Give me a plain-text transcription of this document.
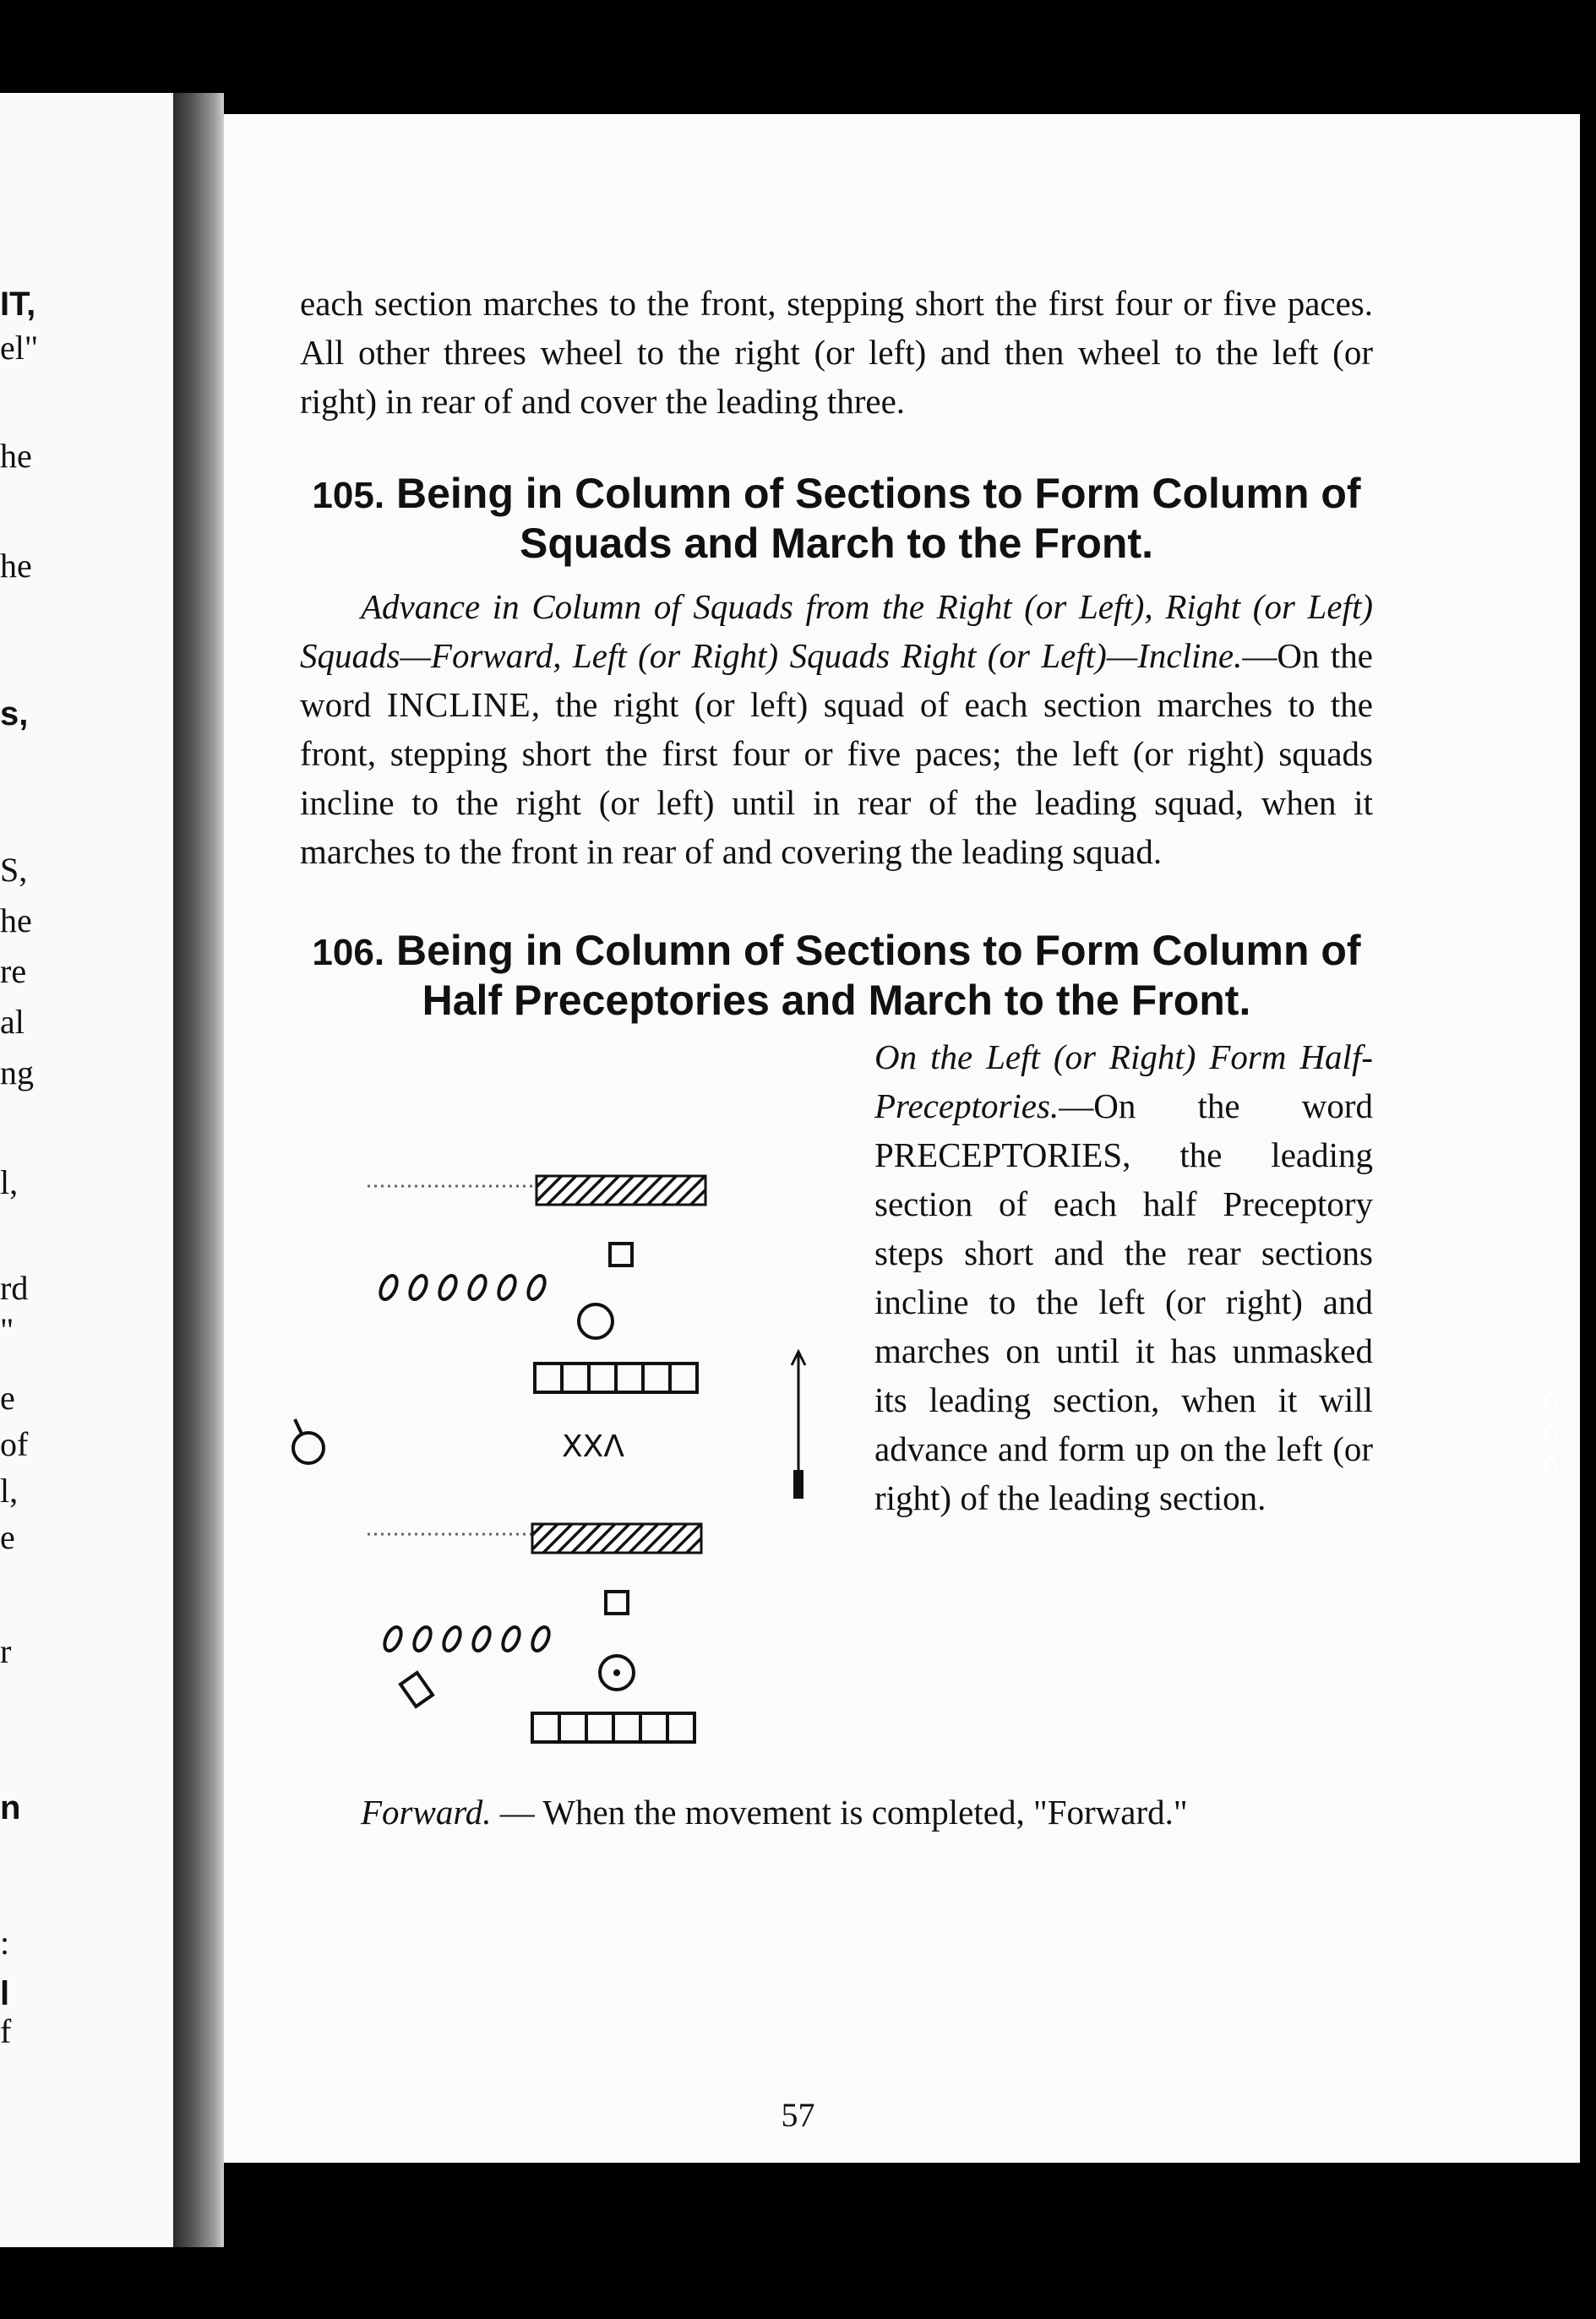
IT,
el"
he
he
s,
S,
he
re
al
ng
l,
rd
"
e
of
l,
e
r
n
:
l
f

each section marches to the front, stepping short the first four or five paces. All other threes wheel to the right (or left) and then wheel to the left (or right) in rear of and cover the leading three.

105. Being in Column of Sections to Form Column of Squads and March to the Front.

Advance in Column of Squads from the Right (or Left), Right (or Left) Squads—Forward, Left (or Right) Squads Right (or Left)—Incline.—On the word INCLINE, the right (or left) squad of each section marches to the front, stepping short the first four or five paces; the left (or right) squads incline to the right (or left) until in rear of the leading squad, when it marches to the front in rear of and covering the leading squad.

106. Being in Column of Sections to Form Column of Half Preceptories and March to the Front.
XXΛ

On the Left (or Right) Form Half-Preceptories.—On the word PRECEPTORIES, the leading section of each half Preceptory steps short and the rear sections incline to the left (or right) and marches on until it has unmasked its leading section, when it will advance and form up on the left (or right) of the leading section.

Forward. — When the movement is completed, "Forward."

57
